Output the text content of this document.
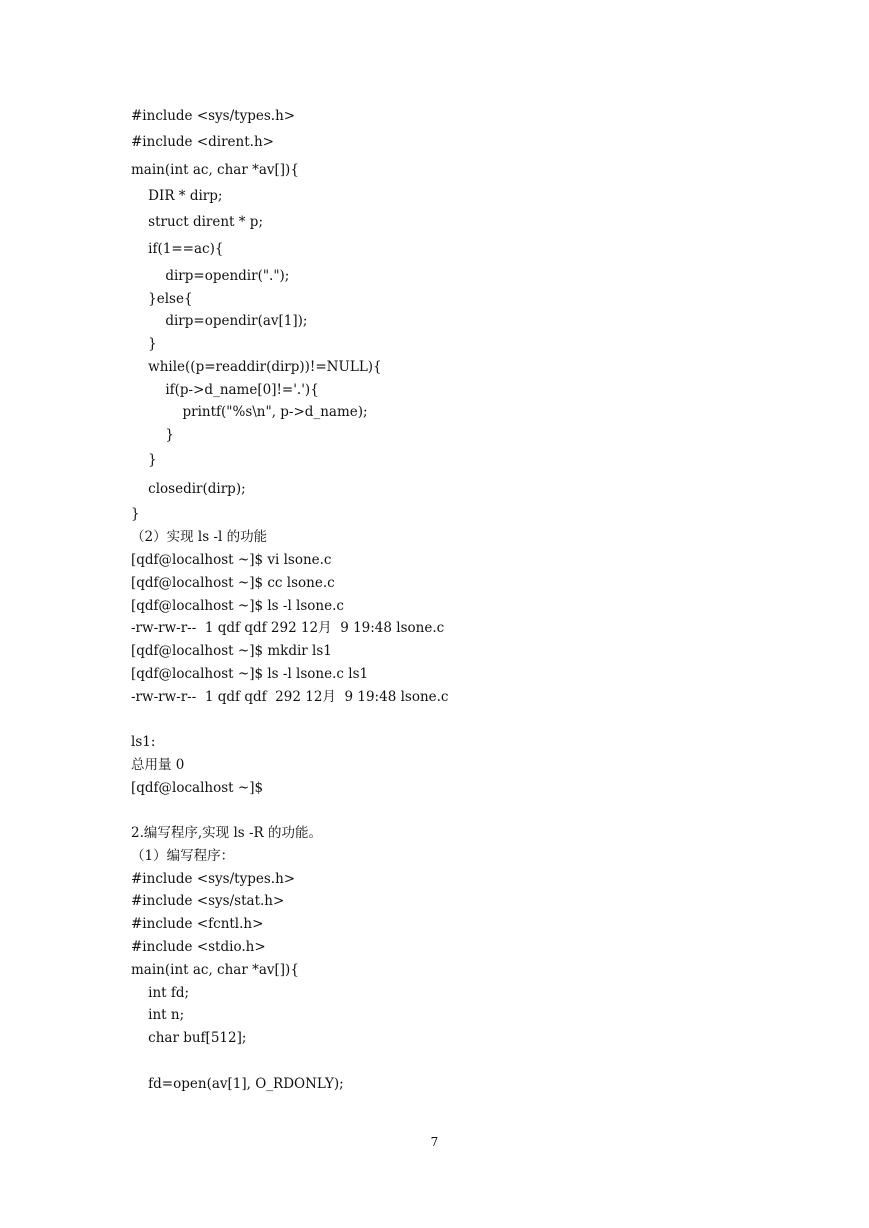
#include <sys/types.h>
#include <dirent.h>
main(int ac, char *av[]){
DIR * dirp;
struct dirent * p;
if(1==ac){
dirp=opendir(".");
}else{
dirp=opendir(av[1]);
}
while((p=readdir(dirp))!=NULL){
if(p->d_name[0]!='.'){
printf("%s\n", p->d_name);
}
}
closedir(dirp);
}
（2）实现 ls -l 的功能
[qdf@localhost ~]$ vi lsone.c
[qdf@localhost ~]$ cc lsone.c
[qdf@localhost ~]$ ls -l lsone.c
-rw-rw-r--  1 qdf qdf 292 12月  9 19:48 lsone.c
[qdf@localhost ~]$ mkdir ls1
[qdf@localhost ~]$ ls -l lsone.c ls1
-rw-rw-r--  1 qdf qdf  292 12月  9 19:48 lsone.c
ls1:
总用量 0
[qdf@localhost ~]$
2.编写程序,实现 ls -R 的功能。
（1）编写程序：
#include <sys/types.h>
#include <sys/stat.h>
#include <fcntl.h>
#include <stdio.h>
main(int ac, char *av[]){
int fd;
int n;
char buf[512];
fd=open(av[1], O_RDONLY);
7
